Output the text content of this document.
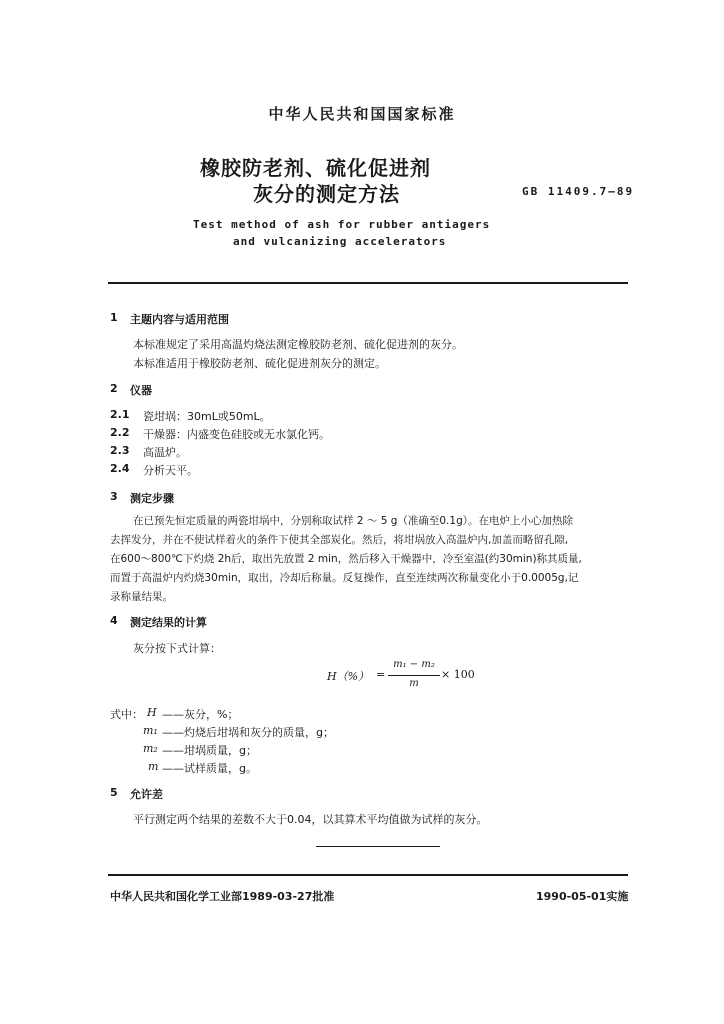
中华人民共和国国家标准
橡胶防老剂、硫化促进剂
灰分的测定方法	GB 11409.7—89
Test method of ash for rubber antiagers
and vulcanizing accelerators
1 主题内容与适用范围
本标准规定了采用高温灼烧法测定橡胶防老剂、硫化促进剂的灰分。
本标准适用于橡胶防老剂、硫化促进剂灰分的测定。
2 仪器
2.1 瓷坩埚：30mL或50mL。
2.2 干燥器：内盛变色硅胶或无水氯化钙。
2.3 高温炉。
2.4 分析天平。
3 测定步骤
在已预先恒定质量的两瓷坩埚中，分别称取试样 2 ～ 5 g（准确至0.1g）。在电炉上小心加热除
去挥发分，并在不使试样着火的条件下使其全部炭化。然后，将坩埚放入高温炉内,加盖而略留孔隙,
在600～800℃下灼烧 2h后，取出先放置 2 min，然后移入干燥器中，冷至室温(约30min)称其质量,
而置于高温炉内灼烧30min，取出，冷却后称量。反复操作，直至连续两次称量变化小于0.0005g,记
录称量结果。
4 测定结果的计算
灰分按下式计算：
H（%） =
m₁ − m₂
m
× 100
式中： H ——灰分，%；
m₁ ——灼烧后坩埚和灰分的质量，g；
m₂ ——坩埚质量，g；
m ——试样质量，g。
5 允许差
平行测定两个结果的差数不大于0.04，以其算术平均值做为试样的灰分。
中华人民共和国化学工业部1989-03-27批准	1990-05-01实施
